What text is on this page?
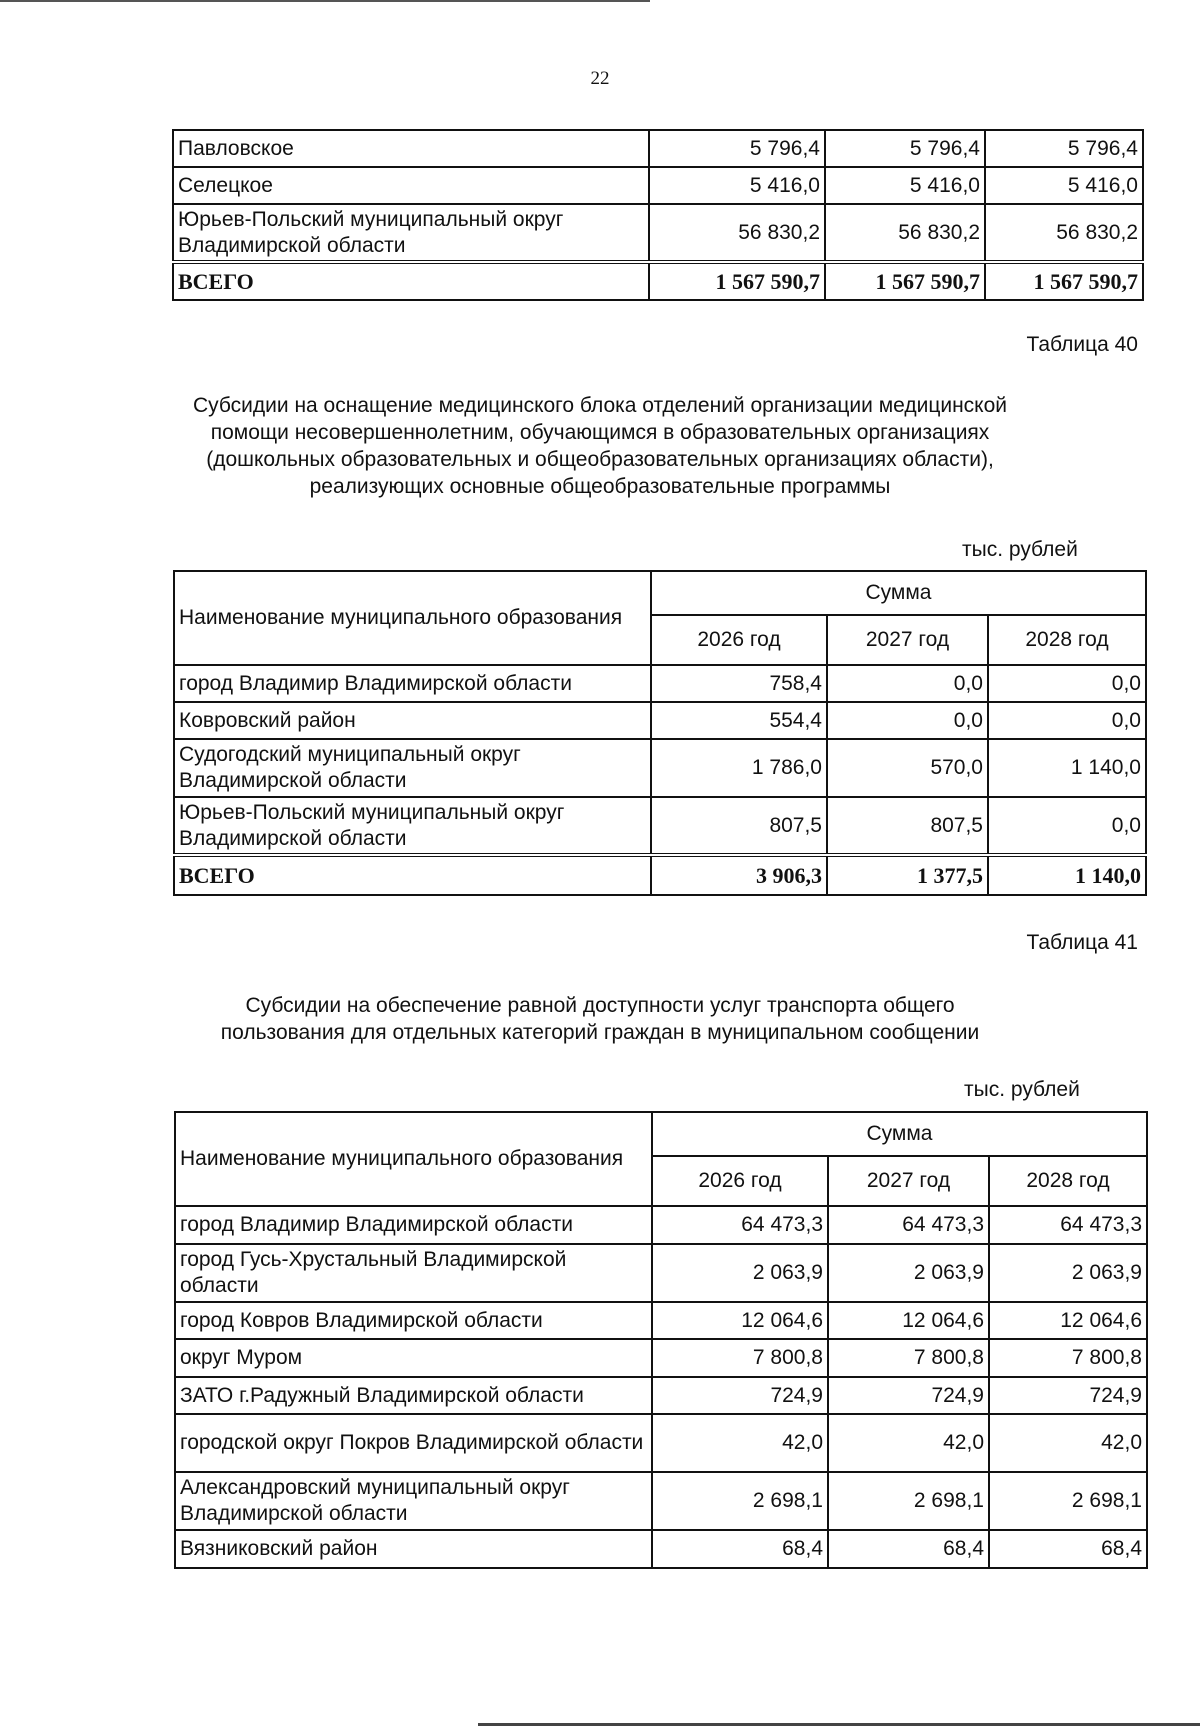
22
Павловское	5 796,4	5 796,4	5 796,4
Селецкое	5 416,0	5 416,0	5 416,0
Юрьев-Польский муниципальный округ Владимирской области	56 830,2	56 830,2	56 830,2
ВСЕГО	1 567 590,7	1 567 590,7	1 567 590,7
Таблица 40
Субсидии на оснащение медицинского блока отделений организации медицинской помощи несовершеннолетним, обучающимся в образовательных организациях (дошкольных образовательных и общеобразовательных организациях области), реализующих основные общеобразовательные программы
тыс. рублей
Наименование муниципального образования	Сумма		
	2026 год	2027 год	2028 год
город Владимир Владимирской области	758,4	0,0	0,0
Ковровский район	554,4	0,0	0,0
Судогодский муниципальный округ Владимирской области	1 786,0	570,0	1 140,0
Юрьев-Польский муниципальный округ Владимирской области	807,5	807,5	0,0
ВСЕГО	3 906,3	1 377,5	1 140,0
Таблица 41
Субсидии на обеспечение равной доступности услуг транспорта общего пользования для отдельных категорий граждан в муниципальном сообщении
тыс. рублей
Наименование муниципального образования	Сумма		
	2026 год	2027 год	2028 год
город Владимир Владимирской области	64 473,3	64 473,3	64 473,3
город Гусь-Хрустальный Владимирской области	2 063,9	2 063,9	2 063,9
город Ковров Владимирской области	12 064,6	12 064,6	12 064,6
округ Муром	7 800,8	7 800,8	7 800,8
ЗАТО г.Радужный Владимирской области	724,9	724,9	724,9
городской округ Покров Владимирской области	42,0	42,0	42,0
Александровский муниципальный округ Владимирской области	2 698,1	2 698,1	2 698,1
Вязниковский район	68,4	68,4	68,4
